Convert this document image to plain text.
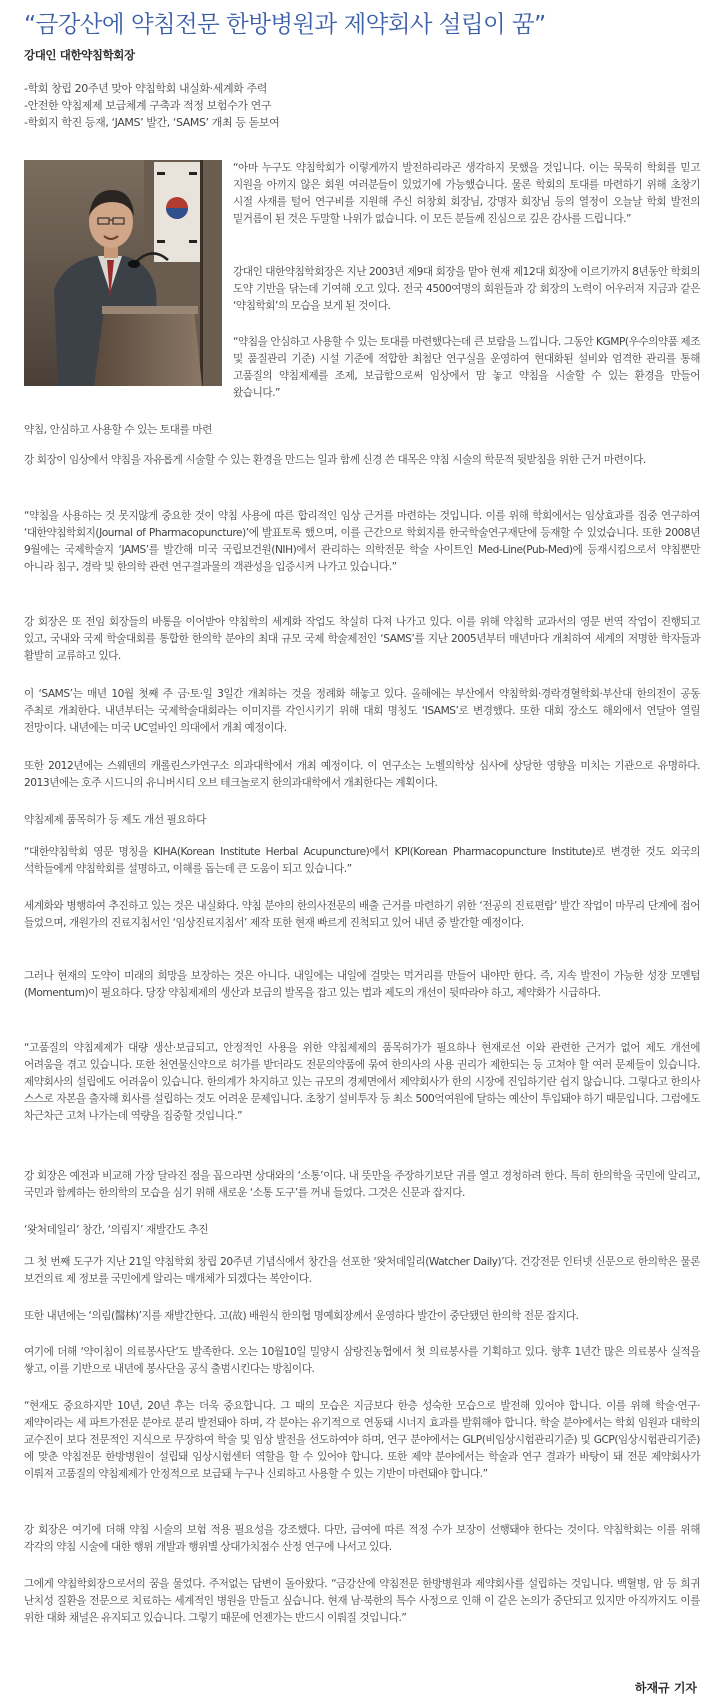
“금강산에 약침전문 한방병원과 제약회사 설립이 꿈”
강대인 대한약침학회장
-학회 창립 20주년 맞아 약침학회 내실화·세계화 주력
-안전한 약침제제 보급체계 구축과 적정 보험수가 연구
-학회지 학진 등재, ‘JAMS’ 발간, ‘SAMS’ 개최 등 돋보여
“아마 누구도 약침학회가 이렇게까지 발전하리라곤 생각하지 못했을 것입니다. 이는 묵묵히 학회를 믿고 지원을 아끼지 않은 회원 여러분들이 있었기에 가능했습니다. 물론 학회의 토대를 마련하기 위해 초창기 시절 사재를 털어 연구비를 지원해 주신 허창회 회장님, 강명자 회장님 등의 열정이 오늘날 학회 발전의 밑거름이 된 것은 두말할 나위가 없습니다. 이 모든 분들께 진심으로 깊은 감사를 드립니다.”
강대인 대한약침학회장은 지난 2003년 제9대 회장을 맡아 현재 제12대 회장에 이르기까지 8년동안 학회의 도약 기반을 닦는데 기여해 오고 있다. 전국 4500여명의 회원들과 강 회장의 노력이 어우러져 지금과 같은 ‘약침학회’의 모습을 보게 된 것이다.
“약침을 안심하고 사용할 수 있는 토대를 마련했다는데 큰 보람을 느낍니다. 그동안 KGMP(우수의약품 제조 및 품질관리 기준) 시설 기준에 적합한 최첨단 연구실을 운영하여 현대화된 설비와 엄격한 관리를 통해 고품질의 약침제제를 조제, 보급함으로써 임상에서 맘 놓고 약침을 시술할 수 있는 환경을 만들어 왔습니다.”
약침, 안심하고 사용할 수 있는 토대를 마련
강 회장이 임상에서 약침을 자유롭게 시술할 수 있는 환경을 만드는 일과 함께 신경 쓴 대목은 약침 시술의 학문적 뒷받침을 위한 근거 마련이다.
“약침을 사용하는 것 못지않게 중요한 것이 약침 사용에 따른 합리적인 임상 근거를 마련하는 것입니다. 이를 위해 학회에서는 임상효과를 집중 연구하여 ‘대한약침학회지(Journal of Pharmacopuncture)’에 발표토록 했으며, 이를 근간으로 학회지를 한국학술연구재단에 등재할 수 있었습니다. 또한 2008년 9월에는 국제학술지 ‘JAMS’를 발간해 미국 국립보건원(NIH)에서 관리하는 의학전문 학술 사이트인 Med-Line(Pub-Med)에 등재시킴으로서 약침뿐만 아니라 침구, 경락 및 한의학 관련 연구결과물의 객관성을 입증시켜 나가고 있습니다.”
강 회장은 또 전임 회장들의 바통을 이어받아 약침학의 세계화 작업도 착실히 다져 나가고 있다. 이를 위해 약침학 교과서의 영문 번역 작업이 진행되고 있고, 국내와 국제 학술대회를 통합한 한의학 분야의 최대 규모 국제 학술제전인 ‘SAMS’를 지난 2005년부터 매년마다 개최하여 세계의 저명한 학자들과 활발히 교류하고 있다.
이 ‘SAMS’는 매년 10월 첫째 주 금·토·일 3일간 개최하는 것을 정례화 해놓고 있다. 올해에는 부산에서 약침학회·경락경혈학회·부산대 한의전이 공동 주최로 개최한다. 내년부터는 국제학술대회라는 이미지를 각인시키기 위해 대회 명칭도 ‘ISAMS’로 변경했다. 또한 대회 장소도 해외에서 연달아 열릴 전망이다. 내년에는 미국 UC얼바인 의대에서 개최 예정이다.
또한 2012년에는 스웨덴의 캐롤린스카연구소 의과대학에서 개최 예정이다. 이 연구소는 노벨의학상 심사에 상당한 영향을 미치는 기관으로 유명하다. 2013년에는 호주 시드니의 유니버시티 오브 테크놀로지 한의과대학에서 개최한다는 계획이다.
약침제제 품목허가 등 제도 개선 필요하다
“대한약침학회 영문 명칭을 KIHA(Korean Institute Herbal Acupuncture)에서 KPI(Korean Pharmacopuncture Institute)로 변경한 것도 외국의 석학들에게 약침학회를 설명하고, 이해를 돕는데 큰 도움이 되고 있습니다.”
세계화와 병행하여 추진하고 있는 것은 내실화다. 약침 분야의 한의사전문의 배출 근거를 마련하기 위한 ‘전공의 진료편람’ 발간 작업이 마무리 단계에 접어 들었으며, 개원가의 진료지침서인 ‘임상진료지침서’ 제작 또한 현재 빠르게 진척되고 있어 내년 중 발간할 예정이다.
그러나 현재의 도약이 미래의 희망을 보장하는 것은 아니다. 내일에는 내일에 걸맞는 먹거리를 만들어 내야만 한다. 즉, 지속 발전이 가능한 성장 모멘텀(Momentum)이 필요하다. 당장 약침제제의 생산과 보급의 발목을 잡고 있는 법과 제도의 개선이 뒷따라야 하고, 제약화가 시급하다.
“고품질의 약침제제가 대량 생산·보급되고, 안정적인 사용을 위한 약침제제의 품목허가가 필요하나 현재로선 이와 관련한 근거가 없어 제도 개선에 어려움을 겪고 있습니다. 또한 천연물신약으로 허가를 받더라도 전문의약품에 묶여 한의사의 사용 권리가 제한되는 등 고쳐야 할 여러 문제들이 있습니다. 제약회사의 설립에도 어려움이 있습니다. 한의계가 차지하고 있는 규모의 경제면에서 제약회사가 한의 시장에 진입하기란 쉽지 않습니다. 그렇다고 한의사 스스로 자본을 출자해 회사를 설립하는 것도 어려운 문제입니다. 초창기 설비투자 등 최소 500억여원에 달하는 예산이 투입돼야 하기 때문입니다. 그럼에도 차근차근 고쳐 나가는데 역량을 집중할 것입니다.”
강 회장은 예전과 비교해 가장 달라진 점을 꼽으라면 상대와의 ‘소통’이다. 내 뜻만을 주장하기보단 귀를 열고 경청하려 한다. 특히 한의학을 국민에 알리고, 국민과 함께하는 한의학의 모습을 심기 위해 새로운 ‘소통 도구’를 꺼내 들었다. 그것은 신문과 잡지다.
‘왓처데일리’ 창간, ‘의림지’ 재발간도 추진
그 첫 번째 도구가 지난 21일 약침학회 창립 20주년 기념식에서 창간을 선포한 ‘왓처데일리(Watcher Daily)’다. 건강전문 인터넷 신문으로 한의학은 물론 보건의료 제 정보를 국민에게 알리는 매개체가 되겠다는 복안이다.
또한 내년에는 ‘의림(醫林)’지를 재발간한다. 고(故) 배원식 한의협 명예회장께서 운영하다 발간이 중단됐던 한의학 전문 잡지다.
여기에 더해 ‘약이침이 의료봉사단’도 발족한다. 오는 10월10일 밀양시 삼랑진농협에서 첫 의료봉사를 기획하고 있다. 향후 1년간 많은 의료봉사 실적을 쌓고, 이를 기반으로 내년에 봉사단을 공식 출범시킨다는 방침이다.
“현재도 중요하지만 10년, 20년 후는 더욱 중요합니다. 그 때의 모습은 지금보다 한층 성숙한 모습으로 발전해 있어야 합니다. 이를 위해 학술·연구·제약이라는 세 파트가전문 분야로 분리 발전돼야 하며, 각 분야는 유기적으로 연동돼 시너지 효과를 발휘해야 합니다. 학술 분야에서는 학회 임원과 대학의 교수진이 보다 전문적인 지식으로 무장하여 학술 및 임상 발전을 선도하여야 하며, 연구 분야에서는 GLP(비임상시험관리기준) 및 GCP(임상시험관리기준)에 맞춘 약침전문 한방병원이 설립돼 임상시험센터 역할을 할 수 있어야 합니다. 또한 제약 분야에서는 학술과 연구 결과가 바탕이 돼 전문 제약회사가 이뤄져 고품질의 약침제제가 안정적으로 보급돼 누구나 신뢰하고 사용할 수 있는 기반이 마련돼야 합니다.”
강 회장은 여기에 더해 약침 시술의 보험 적용 필요성을 강조했다. 다만, 급여에 따른 적정 수가 보장이 선행돼야 한다는 것이다. 약침학회는 이를 위해 각각의 약침 시술에 대한 행위 개발과 행위별 상대가치점수 산정 연구에 나서고 있다.
그에게 약침학회장으로서의 꿈을 물었다. 주저없는 답변이 돌아왔다. “금강산에 약침전문 한방병원과 제약회사를 설립하는 것입니다. 백혈병, 암 등 희귀 난치성 질환을 전문으로 치료하는 세계적인 병원을 만들고 싶습니다. 현재 남·북한의 특수 사정으로 인해 이 같은 논의가 중단되고 있지만 아직까지도 이를 위한 대화 채널은 유지되고 있습니다. 그렇기 때문에 언젠가는 반드시 이뤄질 것입니다.”
하재규 기자
